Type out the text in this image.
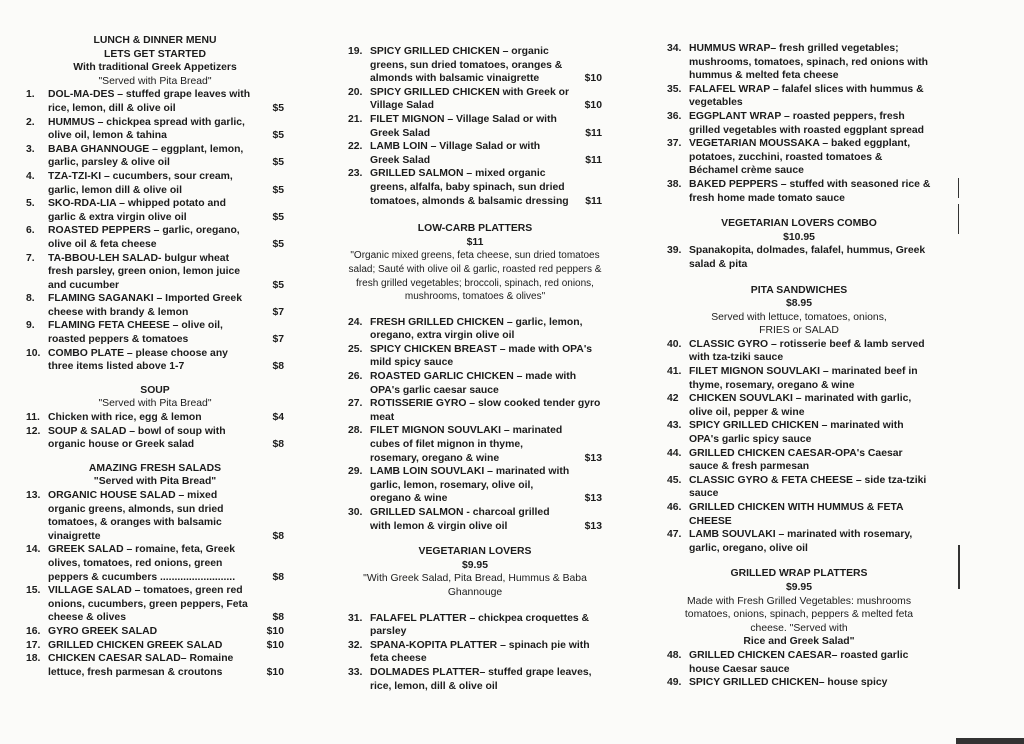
LUNCH & DINNER MENU
LETS GET STARTED
With traditional Greek Appetizers
"Served with Pita Bread"
1. DOL-MA-DES – stuffed grape leaves with rice, lemon, dill & olive oil	$5
2. HUMMUS – chickpea spread with garlic, olive oil, lemon & tahina	$5
3. BABA GHANNOUGE – eggplant, lemon, garlic, parsley & olive oil	$5
4. TZA-TZI-KI – cucumbers, sour cream, garlic, lemon dill & olive oil	$5
5. SKO-RDA-LIA – whipped potato and garlic & extra virgin olive oil	$5
6. ROASTED PEPPERS – garlic, oregano, olive oil & feta cheese	$5
7. TA-BBOU-LEH SALAD- bulgur wheat fresh parsley, green onion, lemon juice and cucumber	$5
8. FLAMING SAGANAKI – Imported Greek cheese with brandy & lemon	$7
9. FLAMING FETA CHEESE – olive oil, roasted peppers & tomatoes	$7
10. COMBO PLATE – please choose any three items listed above 1-7	$8
SOUP
"Served with Pita Bread"
11. Chicken with rice, egg & lemon	$4
12. SOUP & SALAD – bowl of soup with organic house or Greek salad	$8
AMAZING FRESH SALADS
"Served with Pita Bread"
13. ORGANIC HOUSE SALAD – mixed organic greens, almonds, sun dried tomatoes, & oranges with balsamic vinaigrette	$8
14. GREEK SALAD – romaine, feta, Greek olives, tomatoes, red onions, green peppers & cucumbers ..........................	$8
15. VILLAGE SALAD – tomatoes, green red onions, cucumbers, green peppers, Feta cheese & olives	$8
16. GYRO GREEK SALAD	$10
17. GRILLED CHICKEN GREEK SALAD	$10
18. CHICKEN CAESAR SALAD– Romaine lettuce, fresh parmesan & croutons	$10
19. SPICY GRILLED CHICKEN – organic greens, sun dried tomatoes, oranges & almonds with balsamic vinaigrette	$10
20. SPICY GRILLED CHICKEN with Greek or Village Salad	$10
21. FILET MIGNON – Village Salad or with Greek Salad	$11
22. LAMB LOIN – Village Salad or with Greek Salad	$11
23. GRILLED SALMON – mixed organic greens, alfalfa, baby spinach, sun dried tomatoes, almonds & balsamic dressing	$11
LOW-CARB PLATTERS
$11
"Organic mixed greens, feta cheese, sun dried tomatoes salad; Sauté with olive oil & garlic, roasted red peppers & fresh grilled vegetables; broccoli, spinach, red onions, mushrooms, tomatoes & olives"
24. FRESH GRILLED CHICKEN – garlic, lemon, oregano, extra virgin olive oil
25. SPICY CHICKEN BREAST – made with OPA's mild spicy sauce
26. ROASTED GARLIC CHICKEN – made with OPA's garlic caesar sauce
27. ROTISSERIE GYRO – slow cooked tender gyro meat
28. FILET MIGNON SOUVLAKI – marinated cubes of filet mignon in thyme, rosemary, oregano & wine	$13
29. LAMB LOIN SOUVLAKI – marinated with garlic, lemon, rosemary, olive oil, oregano & wine	$13
30. GRILLED SALMON - charcoal grilled with lemon & virgin olive oil	$13
VEGETARIAN LOVERS
$9.95
"With Greek Salad, Pita Bread, Hummus & Baba Ghannouge
31. FALAFEL PLATTER – chickpea croquettes & parsley
32. SPANA-KOPITA PLATTER – spinach pie with feta cheese
33. DOLMADES PLATTER– stuffed grape leaves, rice, lemon, dill & olive oil
34. HUMMUS WRAP– fresh grilled vegetables; mushrooms, tomatoes, spinach, red onions with hummus & melted feta cheese
35. FALAFEL WRAP – falafel slices with hummus & vegetables
36. EGGPLANT WRAP – roasted peppers, fresh grilled vegetables with roasted eggplant spread
37. VEGETARIAN MOUSSAKA – baked eggplant, potatoes, zucchini, roasted tomatoes & Béchamel crème sauce
38. BAKED PEPPERS – stuffed with seasoned rice & fresh home made tomato sauce
VEGETARIAN LOVERS COMBO
$10.95
39. Spanakopita, dolmades, falafel, hummus, Greek salad & pita
PITA SANDWICHES
$8.95
Served with lettuce, tomatoes, onions, FRIES or SALAD
40. CLASSIC GYRO – rotisserie beef & lamb served with tza-tziki sauce
41. FILET MIGNON SOUVLAKI – marinated beef in thyme, rosemary, oregano & wine
42 CHICKEN SOUVLAKI – marinated with garlic, olive oil, pepper & wine
43. SPICY GRILLED CHICKEN – marinated with OPA's garlic spicy sauce
44. GRILLED CHICKEN CAESAR-OPA's Caesar sauce & fresh parmesan
45. CLASSIC GYRO & FETA CHEESE – side tza-tziki sauce
46. GRILLED CHICKEN WITH HUMMUS & FETA CHEESE
47. LAMB SOUVLAKI – marinated with rosemary, garlic, oregano, olive oil
GRILLED WRAP PLATTERS
$9.95
Made with Fresh Grilled Vegetables: mushrooms tomatoes, onions, spinach, peppers & melted feta cheese. "Served with
Rice and Greek Salad"
48. GRILLED CHICKEN CAESAR– roasted garlic house Caesar sauce
49. SPICY GRILLED CHICKEN– house spicy
